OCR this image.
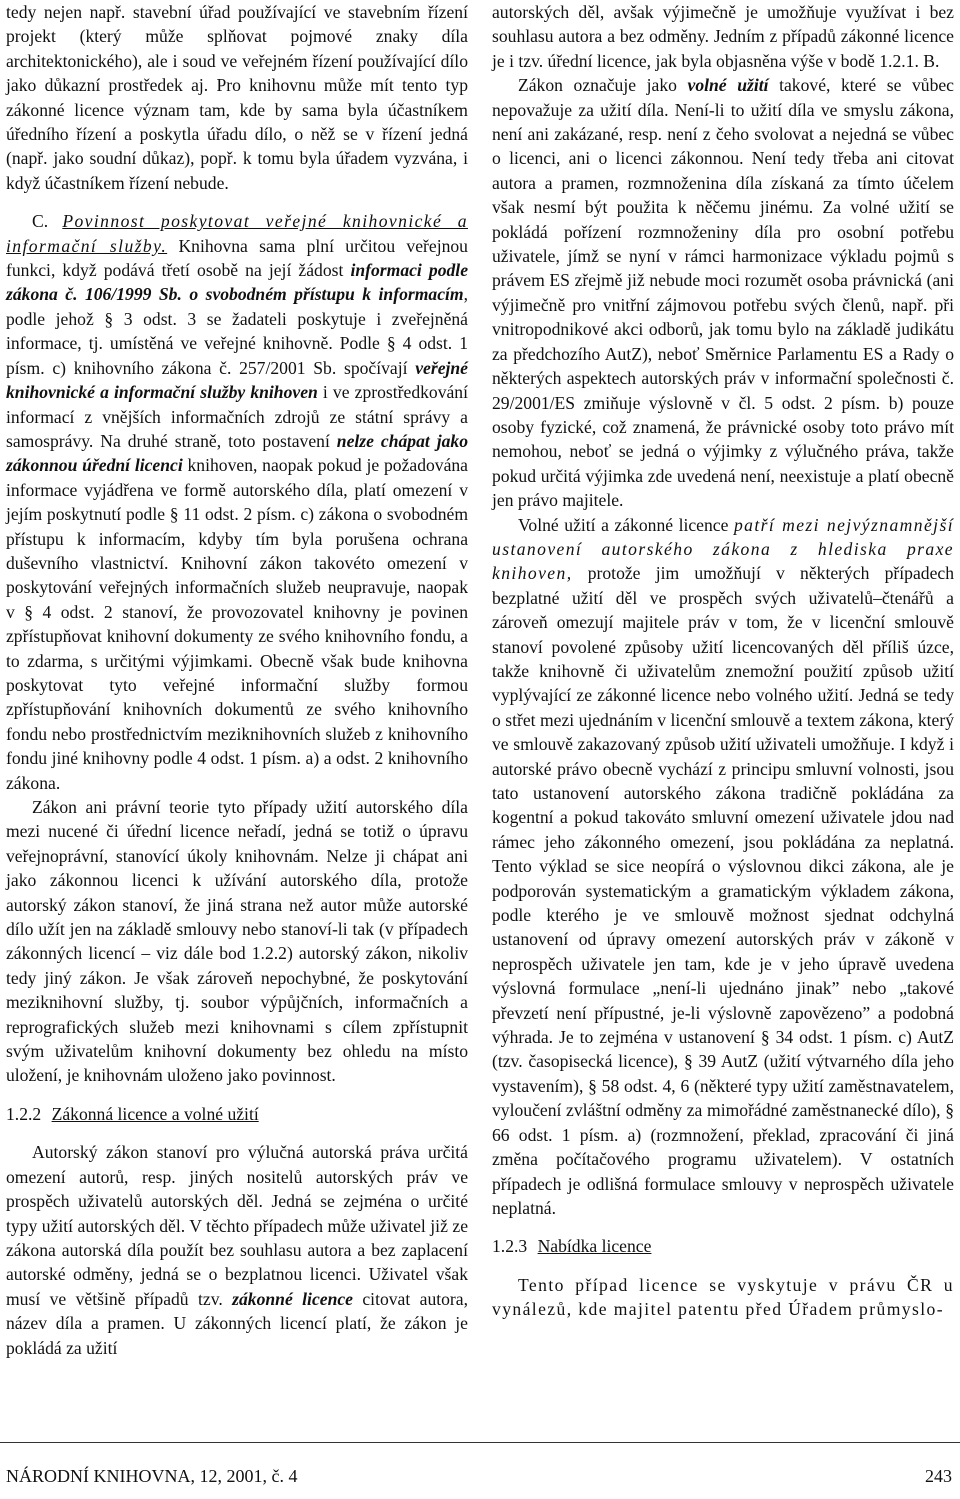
tedy nejen např. stavební úřad používající ve stavebním řízení projekt (který může splňovat pojmové znaky díla architektonického), ale i soud ve veřejném řízení používající dílo jako důkazní prostředek aj. Pro knihovnu může mít tento typ zákonné licence význam tam, kde by sama byla účastníkem úředního řízení a poskytla úřadu dílo, o něž se v řízení jedná (např. jako soudní důkaz), popř. k tomu byla úřadem vyzvána, i když účastníkem řízení nebude.

C. Povinnost poskytovat veřejné knihovnické a informační služby. Knihovna sama plní určitou veřejnou funkci, když podává třetí osobě na její žádost informaci podle zákona č. 106/1999 Sb. o svobodném přístupu k informacím, podle jehož § 3 odst. 3 se žadateli poskytuje i zveřejněná informace, tj. umístěná ve veřejné knihovně. Podle § 4 odst. 1 písm. c) knihovního zákona č. 257/2001 Sb. spočívají veřejné knihovnické a informační služby knihoven i ve zprostředkování informací z vnějších informačních zdrojů ze státní správy a samosprávy. Na druhé straně, toto postavení nelze chápat jako zákonnou úřední licenci knihoven, naopak pokud je požadována informace vyjádřena ve formě autorského díla, platí omezení v jejím poskytnutí podle § 11 odst. 2 písm. c) zákona o svobodném přístupu k informacím, kdyby tím byla porušena ochrana duševního vlastnictví. Knihovní zákon takovéto omezení v poskytování veřejných informačních služeb neupravuje, naopak v § 4 odst. 2 stanoví, že provozovatel knihovny je povinen zpřístupňovat knihovní dokumenty ze svého knihovního fondu, a to zdarma, s určitými výjimkami. Obecně však bude knihovna poskytovat tyto veřejné informační služby formou zpřístupňování knihovních dokumentů ze svého knihovního fondu nebo prostřednictvím meziknihovních služeb z knihovního fondu jiné knihovny podle 4 odst. 1 písm. a) a odst. 2 knihovního zákona.

Zákon ani právní teorie tyto případy užití autorského díla mezi nucené či úřední licence neřadí, jedná se totiž o úpravu veřejnoprávní, stanovící úkoly knihovnám. Nelze ji chápat ani jako zákonnou licenci k užívání autorského díla, protože autorský zákon stanoví, že jiná strana než autor může autorské dílo užít jen na základě smlouvy nebo stanoví-li tak (v případech zákonných licencí – viz dále bod 1.2.2) autorský zákon, nikoliv tedy jiný zákon. Je však zároveň nepochybné, že poskytování meziknihovní služby, tj. soubor výpůjčních, informačních a reprografických služeb mezi knihovnami s cílem zpřístupnit svým uživatelům knihovní dokumenty bez ohledu na místo uložení, je knihovnám uloženo jako povinnost.

1.2.2 Zákonná licence a volné užití

Autorský zákon stanoví pro výlučná autorská práva určitá omezení autorů, resp. jiných nositelů autorských práv ve prospěch uživatelů autorských děl. Jedná se zejména o určité typy užití autorských děl. V těchto případech může uživatel již ze zákona autorská díla použít bez souhlasu autora a bez zaplacení autorské odměny, jedná se o bezplatnou licenci. Uživatel však musí ve většině případů tzv. zákonné licence citovat autora, název díla a pramen. U zákonných licencí platí, že zákon je pokládá za užití

autorských děl, avšak výjimečně je umožňuje využívat i bez souhlasu autora a bez odměny. Jedním z případů zákonné licence je i tzv. úřední licence, jak byla objasněna výše v bodě 1.2.1. B.

Zákon označuje jako volné užití takové, které se vůbec nepovažuje za užití díla. Není-li to užití díla ve smyslu zákona, není ani zakázané, resp. není z čeho svolovat a nejedná se vůbec o licenci, ani o licenci zákonnou. Není tedy třeba ani citovat autora a pramen, rozmnoženina díla získaná za tímto účelem však nesmí být použita k něčemu jinému. Za volné užití se pokládá pořízení rozmnoženiny díla pro osobní potřebu uživatele, jímž se nyní v rámci harmonizace výkladu pojmů s právem ES zřejmě již nebude moci rozumět osoba právnická (ani výjimečně pro vnitřní zájmovou potřebu svých členů, např. při vnitropodnikové akci odborů, jak tomu bylo na základě judikátu za předchozího AutZ), neboť Směrnice Parlamentu ES a Rady o některých aspektech autorských práv v informační společnosti č. 29/2001/ES zmiňuje výslovně v čl. 5 odst. 2 písm. b) pouze osoby fyzické, což znamená, že právnické osoby toto právo mít nemohou, neboť se jedná o výjimky z výlučného práva, takže pokud určitá výjimka zde uvedená není, neexistuje a platí obecně jen právo majitele.

Volné užití a zákonné licence patří mezi nejvýznamnější ustanovení autorského zákona z hlediska praxe knihoven, protože jim umožňují v některých případech bezplatné užití děl ve prospěch svých uživatelů–čtenářů a zároveň omezují majitele práv v tom, že v licenční smlouvě stanoví povolené způsoby užití licencovaných děl příliš úzce, takže knihovně či uživatelům znemožní použití způsob užití vyplývající ze zákonné licence nebo volného užití. Jedná se tedy o střet mezi ujednáním v licenční smlouvě a textem zákona, který ve smlouvě zakazovaný způsob užití uživateli umožňuje. I když i autorské právo obecně vychází z principu smluvní volnosti, jsou tato ustanovení autorského zákona tradičně pokládána za kogentní a pokud takováto smluvní omezení uživatele jdou nad rámec jeho zákonného omezení, jsou pokládána za neplatná. Tento výklad se sice neopírá o výslovnou dikci zákona, ale je podporován systematickým a gramatickým výkladem zákona, podle kterého je ve smlouvě možnost sjednat odchylná ustanovení od úpravy omezení autorských práv v zákoně v neprospěch uživatele jen tam, kde je v jeho úpravě uvedena výslovná formulace „není-li ujednáno jinak” nebo „takové převzetí není přípustné, je-li výslovně zapovězeno” a podobná výhrada. Je to zejména v ustanovení § 34 odst. 1 písm. c) AutZ (tzv. časopisecká licence), § 39 AutZ (užití výtvarného díla jeho vystavením), § 58 odst. 4, 6 (některé typy užití zaměstnavatelem, vyloučení zvláštní odměny za mimořádné zaměstnanecké dílo), § 66 odst. 1 písm. a) (rozmnožení, překlad, zpracování či jiná změna počítačového programu uživatelem). V ostatních případech je odlišná formulace smlouvy v neprospěch uživatele neplatná.

1.2.3 Nabídka licence

Tento případ licence se vyskytuje v právu ČR u vynálezů, kde majitel patentu před Úřadem průmyslo-

NÁRODNÍ KNIHOVNA, 12, 2001, č. 4	243
